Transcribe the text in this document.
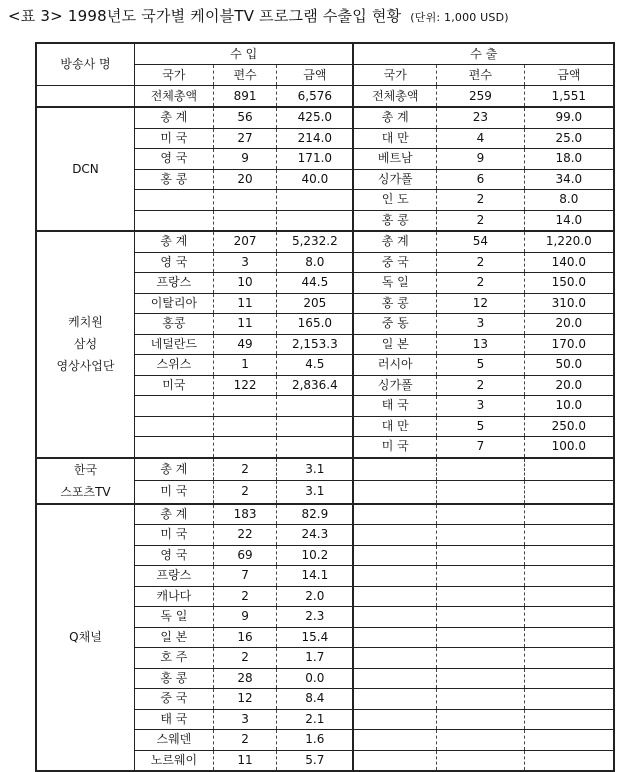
<표 3> 1998년도 국가별 케이블TV 프로그램 수출입 현황 (단위: 1,000 USD)
방송사 명	수 입			수 출		
	국가	편수	금액	국가	편수	금액
	전체총액	891	6,576	전체총액	259	1,551

DCN	총 계	56	425.0	총 계	23	99.0
	미 국	27	214.0	대 만	4	25.0
	영 국	9	171.0	베트남	9	18.0
	홍 콩	20	40.0	싱가폴	6	34.0
				인 도	2	8.0
				홍 콩	2	14.0

케치원
삼성
영상사업단	총 계	207	5,232.2	총 계	54	1,220.0
	영 국	3	8.0	중 국	2	140.0
	프랑스	10	44.5	독 일	2	150.0
	이탈리아	11	205	홍 콩	12	310.0
	홍콩	11	165.0	중 동	3	20.0
	네덜란드	49	2,153.3	일 본	13	170.0
	스위스	1	4.5	러시아	5	50.0
	미국	122	2,836.4	싱가폴	2	20.0
				태 국	3	10.0
				대 만	5	250.0
				미 국	7	100.0

한국
스포츠TV	총 계	2	3.1			
	미 국	2	3.1			

Q채널	총 계	183	82.9			
	미 국	22	24.3			
	영 국	69	10.2			
	프랑스	7	14.1			
	캐나다	2	2.0			
	독 일	9	2.3			
	일 본	16	15.4			
	호 주	2	1.7			
	홍 콩	28	0.0			
	중 국	12	8.4			
	태 국	3	2.1			
	스웨덴	2	1.6			
	노르웨이	11	5.7			
